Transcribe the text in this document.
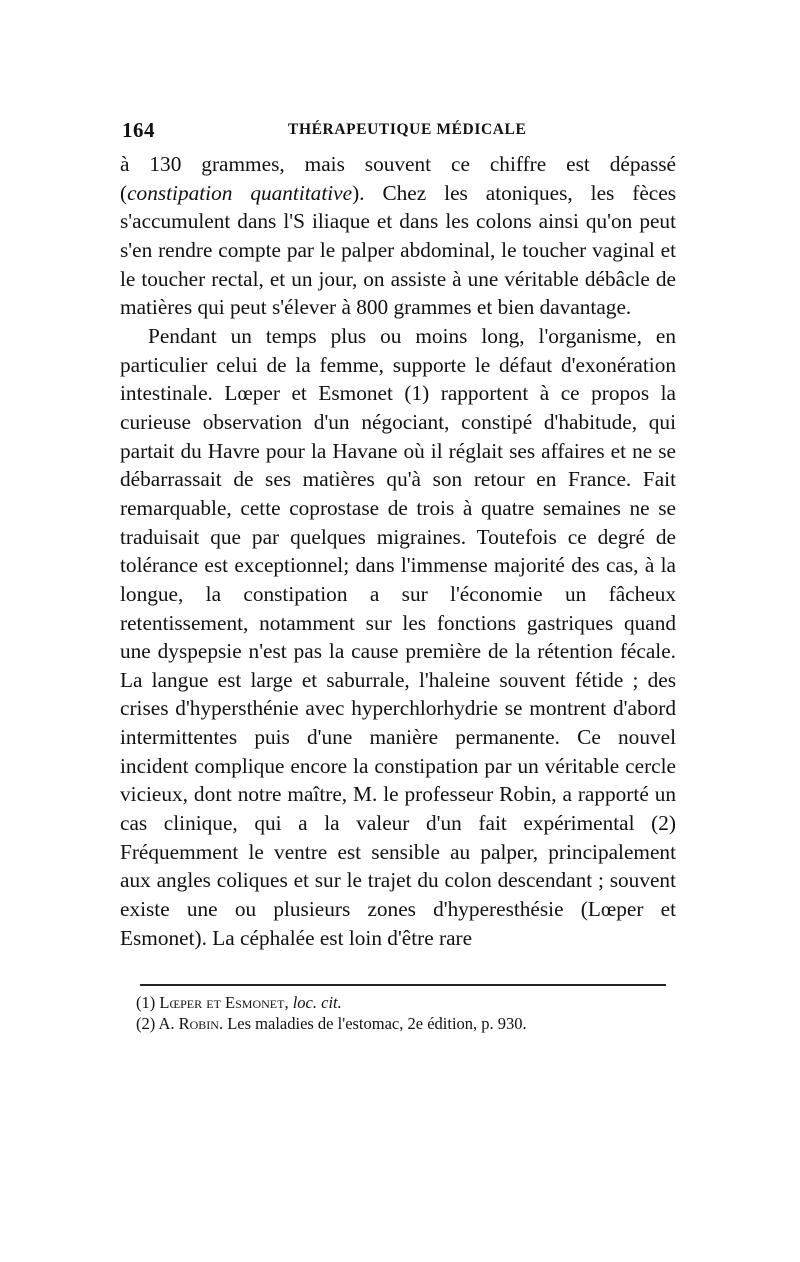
164	THÉRAPEUTIQUE MÉDICALE

à 130 grammes, mais souvent ce chiffre est dépassé (constipation quantitative). Chez les atoniques, les fèces s'accumulent dans l'S iliaque et dans les colons ainsi qu'on peut s'en rendre compte par le palper abdominal, le toucher vaginal et le toucher rectal, et un jour, on assiste à une véritable débâcle de matières qui peut s'élever à 800 grammes et bien davantage.

Pendant un temps plus ou moins long, l'organisme, en particulier celui de la femme, supporte le défaut d'exonération intestinale. Lœper et Esmonet (1) rapportent à ce propos la curieuse observation d'un négociant, constipé d'habitude, qui partait du Havre pour la Havane où il réglait ses affaires et ne se débarrassait de ses matières qu'à son retour en France. Fait remarquable, cette coprostase de trois à quatre semaines ne se traduisait que par quelques migraines. Toutefois ce degré de tolérance est exceptionnel; dans l'immense majorité des cas, à la longue, la constipation a sur l'économie un fâcheux retentissement, notamment sur les fonctions gastriques quand une dyspepsie n'est pas la cause première de la rétention fécale. La langue est large et saburrale, l'haleine souvent fétide ; des crises d'hypersthénie avec hyperchlorhydrie se montrent d'abord intermittentes puis d'une manière permanente. Ce nouvel incident complique encore la constipation par un véritable cercle vicieux, dont notre maître, M. le professeur Robin, a rapporté un cas clinique, qui a la valeur d'un fait expérimental (2) Fréquemment le ventre est sensible au palper, principalement aux angles coliques et sur le trajet du colon descendant ; souvent existe une ou plusieurs zones d'hyperesthésie (Lœper et Esmonet). La céphalée est loin d'être rare

(1) Lœper et Esmonet, loc. cit.

(2) A. Robin. Les maladies de l'estomac, 2e édition, p. 930.
